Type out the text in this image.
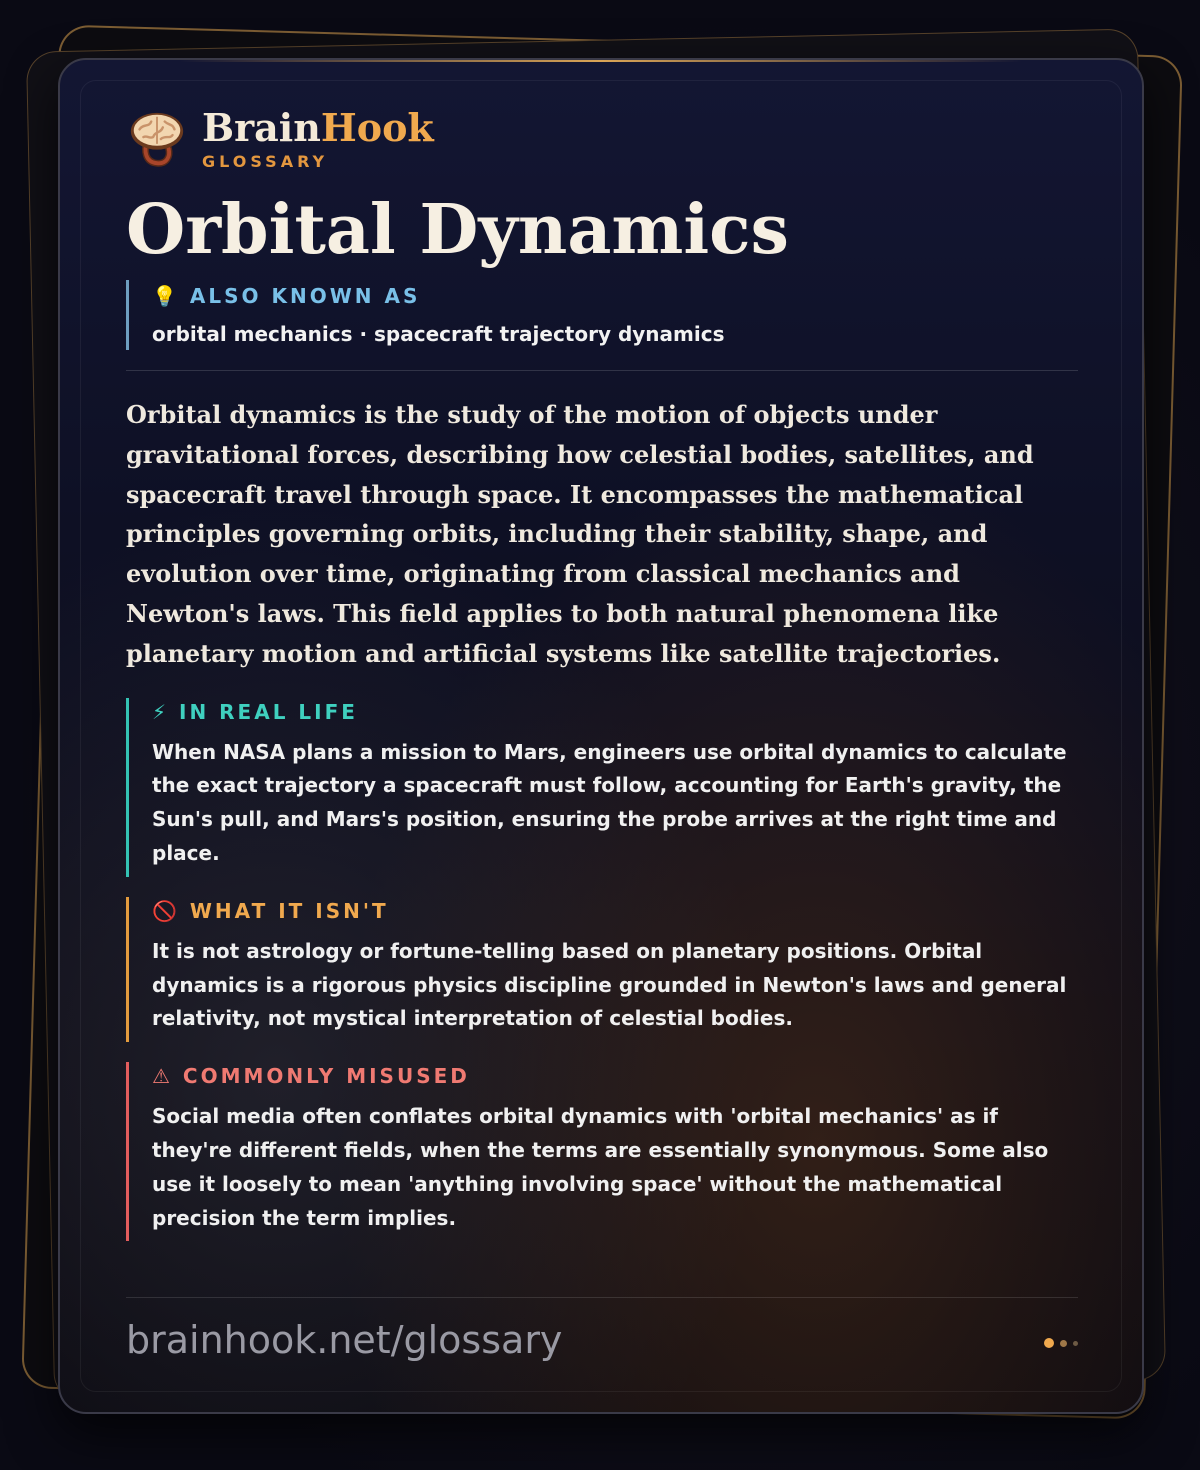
BrainHook
GLOSSARY
Orbital Dynamics
💡 ALSO KNOWN AS
orbital mechanics · spacecraft trajectory dynamics
Orbital dynamics is the study of the motion of objects under gravitational forces, describing how celestial bodies, satellites, and spacecraft travel through space. It encompasses the mathematical principles governing orbits, including their stability, shape, and evolution over time, originating from classical mechanics and Newton's laws. This field applies to both natural phenomena like planetary motion and artificial systems like satellite trajectories.
⚡ IN REAL LIFE
When NASA plans a mission to Mars, engineers use orbital dynamics to calculate the exact trajectory a spacecraft must follow, accounting for Earth's gravity, the Sun's pull, and Mars's position, ensuring the probe arrives at the right time and place.
🚫 WHAT IT ISN'T
It is not astrology or fortune-telling based on planetary positions. Orbital dynamics is a rigorous physics discipline grounded in Newton's laws and general relativity, not mystical interpretation of celestial bodies.
⚠ COMMONLY MISUSED
Social media often conflates orbital dynamics with 'orbital mechanics' as if they're different fields, when the terms are essentially synonymous. Some also use it loosely to mean 'anything involving space' without the mathematical precision the term implies.
brainhook.net/glossary
